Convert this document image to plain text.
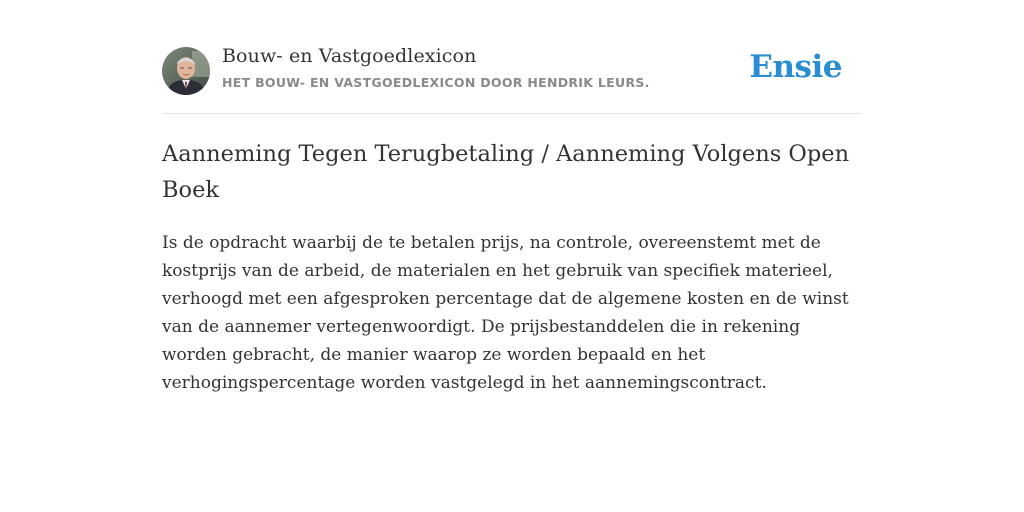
Bouw- en Vastgoedlexicon
HET BOUW- EN VASTGOEDLEXICON DOOR HENDRIK LEURS.	Ensie
Aanneming Tegen Terugbetaling / Aanneming Volgens Open Boek

Is de opdracht waarbij de te betalen prijs, na controle, overeenstemt met de kostprijs van de arbeid, de materialen en het gebruik van specifiek materieel, verhoogd met een afgesproken percentage dat de algemene kosten en de winst van de aannemer vertegenwoordigt. De prijsbestanddelen die in rekening worden gebracht, de manier waarop ze worden bepaald en het verhogingspercentage worden vastgelegd in het aannemingscontract.
